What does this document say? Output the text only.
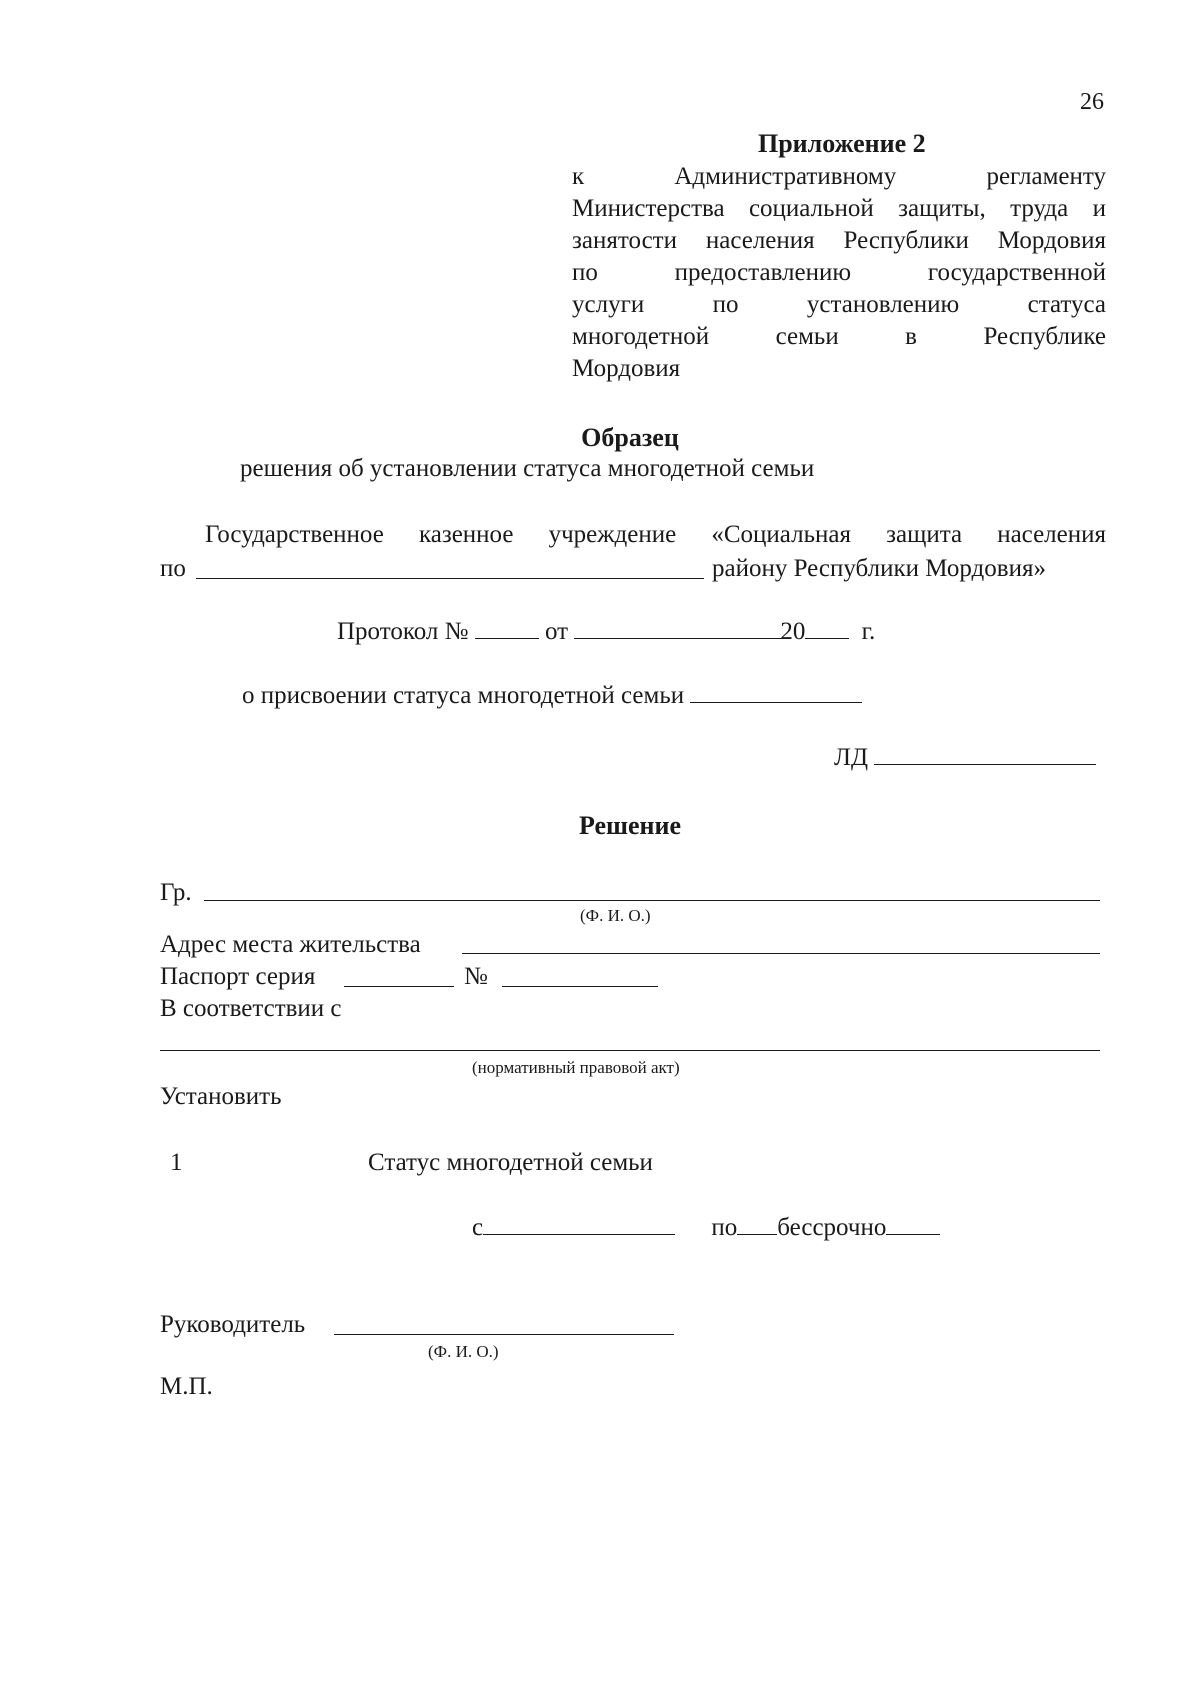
26
Приложение 2
к Административному регламенту
Министерства социальной защиты, труда и
занятости населения Республики Мордовия
по предоставлению государственной
услуги по установлению статуса
многодетной семьи в Республике
Мордовия
Образец
решения об установлении статуса многодетной семьи
Государственное казенное учреждение «Социальная защита населения
по	району Республики Мордовия»
Протокол №	от	20 г.
о присвоении статуса многодетной семьи
ЛД
Решение
Гр.
(Ф. И. О.)
Адрес места жительства
Паспорт серия	№
В соответствии с
(нормативный правовой акт)
Установить
1	Статус многодетной семьи
с	по бессрочно
Руководитель
(Ф. И. О.)
М.П.
